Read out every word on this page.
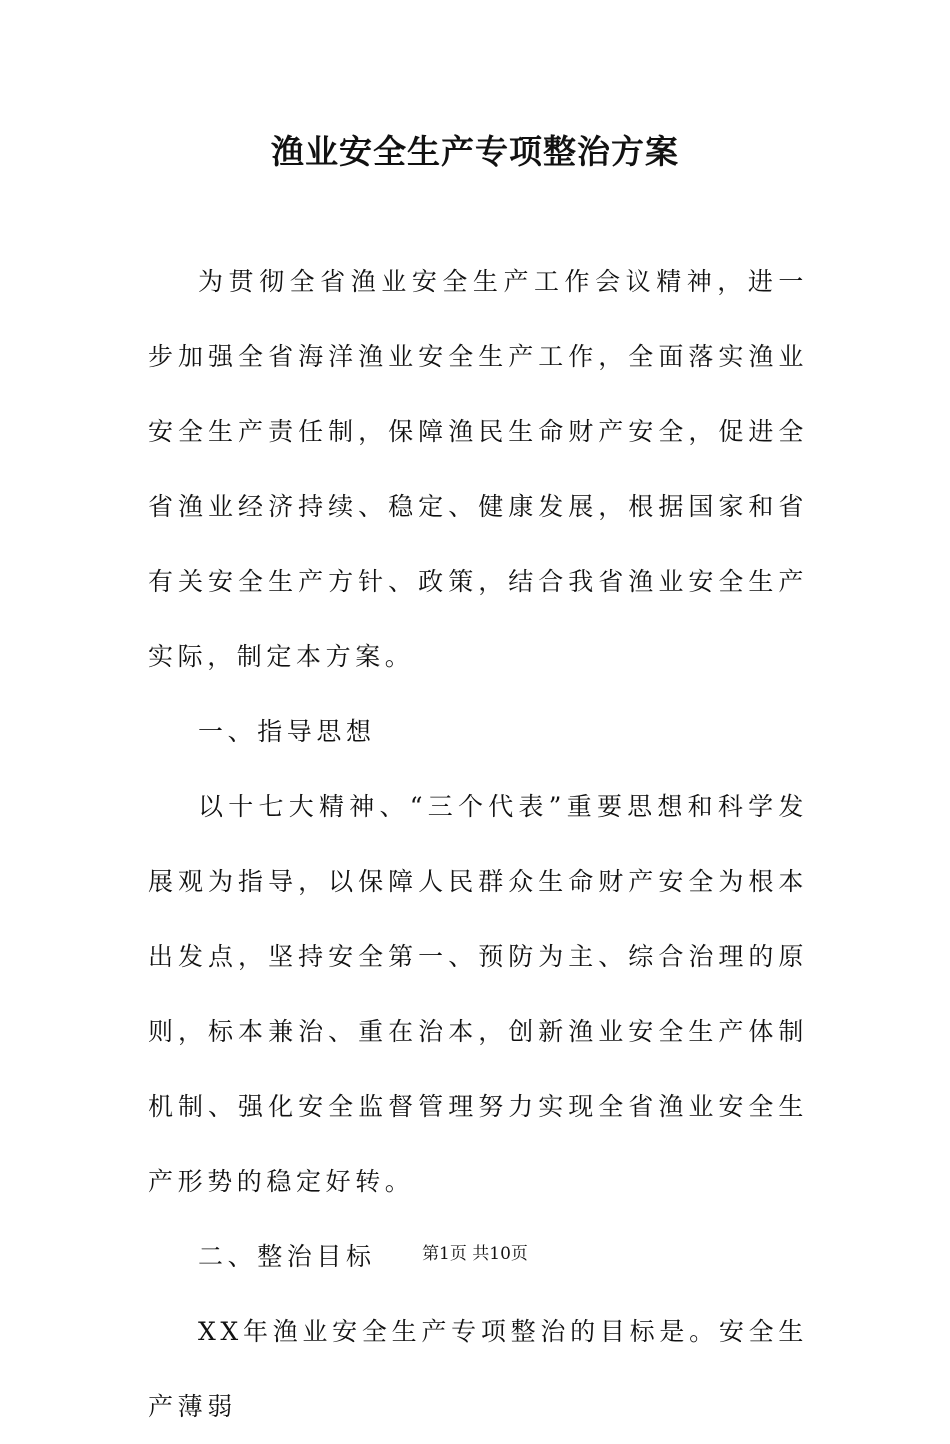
渔业安全生产专项整治方案

为贯彻全省渔业安全生产工作会议精神，进一步加强全省海洋渔业安全生产工作，全面落实渔业安全生产责任制，保障渔民生命财产安全，促进全省渔业经济持续、稳定、健康发展，根据国家和省有关安全生产方针、政策，结合我省渔业安全生产实际，制定本方案。

一、指导思想

以十七大精神、“三个代表”重要思想和科学发展观为指导，以保障人民群众生命财产安全为根本出发点，坚持安全第一、预防为主、综合治理的原则，标本兼治、重在治本，创新渔业安全生产体制机制、强化安全监督管理努力实现全省渔业安全生产形势的稳定好转。

二、整治目标

XX年渔业安全生产专项整治的目标是。安全生产薄弱

第1页 共10页
